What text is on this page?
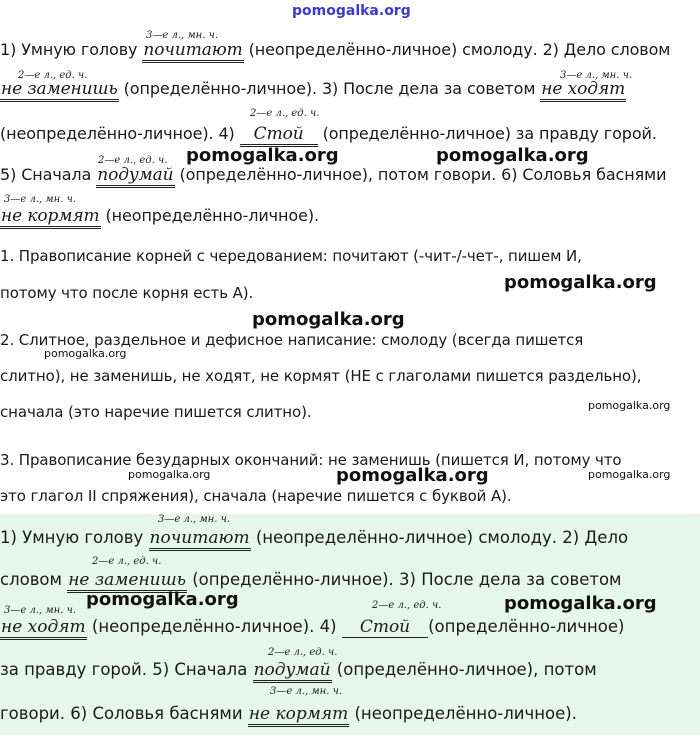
pomogalka.org
3—е л., мн. ч.
1) Умную голову почитают (неопределённо-личное) смолоду. 2) Дело словом
2—е л., ед. ч.	3—е л., мн. ч.
не заменишь (определённо-личное). 3) После дела за советом не ходят
2—е л., ед. ч.
(неопределённо-личное). 4) Стой (определённо-личное) за правду горой.
2—е л., ед. ч.
5) Сначала подумай (определённо-личное), потом говори. 6) Соловья баснями
pomogalka.org	pomogalka.org
3—е л., мн. ч.
не кормят (неопределённо-личное).
1. Правописание корней с чередованием: почитают (-чит-/-чет-, пишем И,
потому что после корня есть А).	pomogalka.org
pomogalka.org
2. Слитное, раздельное и дефисное написание: смолоду (всегда пишется
pomogalka.org
слитно), не заменишь, не ходят, не кормят (НЕ с глаголами пишется раздельно),
сначала (это наречие пишется слитно).	pomogalka.org
3. Правописание безударных окончаний: не заменишь (пишется И, потому что
pomogalka.org	pomogalka.org	pomogalka.org
это глагол II спряжения), сначала (наречие пишется с буквой А).
3—е л., мн. ч.
1) Умную голову почитают (неопределённо-личное) смолоду. 2) Дело
2—е л., ед. ч.
словом не заменишь (определённо-личное). 3) После дела за советом
pomogalka.org	pomogalka.org
3—е л., мн. ч.	2—е л., ед. ч.
не ходят (неопределённо-личное). 4) Стой (определённо-личное)
2—е л., ед. ч.
за правду горой. 5) Сначала подумай (определённо-личное), потом
3—е л., мн. ч.
говори. 6) Соловья баснями не кормят (неопределённо-личное).
